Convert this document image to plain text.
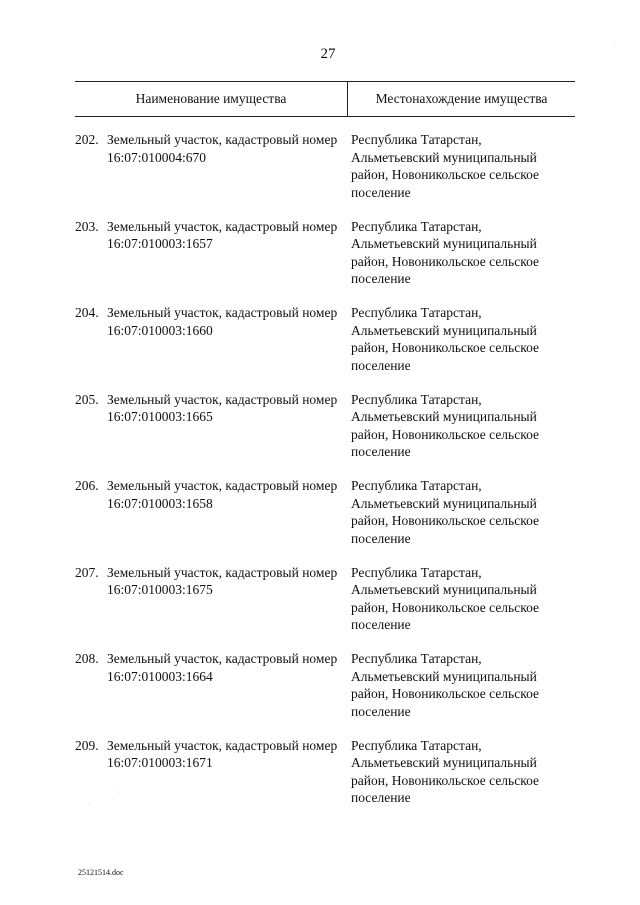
27
Наименование имущества	Местонахождение имущества
202. Земельный участок, кадастровый номер 16:07:010004:670
Республика Татарстан, Альметьевский муниципальный район, Новоникольское сельское поселение
203. Земельный участок, кадастровый номер 16:07:010003:1657
Республика Татарстан, Альметьевский муниципальный район, Новоникольское сельское поселение
204. Земельный участок, кадастровый номер 16:07:010003:1660
Республика Татарстан, Альметьевский муниципальный район, Новоникольское сельское поселение
205. Земельный участок, кадастровый номер 16:07:010003:1665
Республика Татарстан, Альметьевский муниципальный район, Новоникольское сельское поселение
206. Земельный участок, кадастровый номер 16:07:010003:1658
Республика Татарстан, Альметьевский муниципальный район, Новоникольское сельское поселение
207. Земельный участок, кадастровый номер 16:07:010003:1675
Республика Татарстан, Альметьевский муниципальный район, Новоникольское сельское поселение
208. Земельный участок, кадастровый номер 16:07:010003:1664
Республика Татарстан, Альметьевский муниципальный район, Новоникольское сельское поселение
209. Земельный участок, кадастровый номер 16:07:010003:1671
Республика Татарстан, Альметьевский муниципальный район, Новоникольское сельское поселение
25121514.doc
·
·
·
